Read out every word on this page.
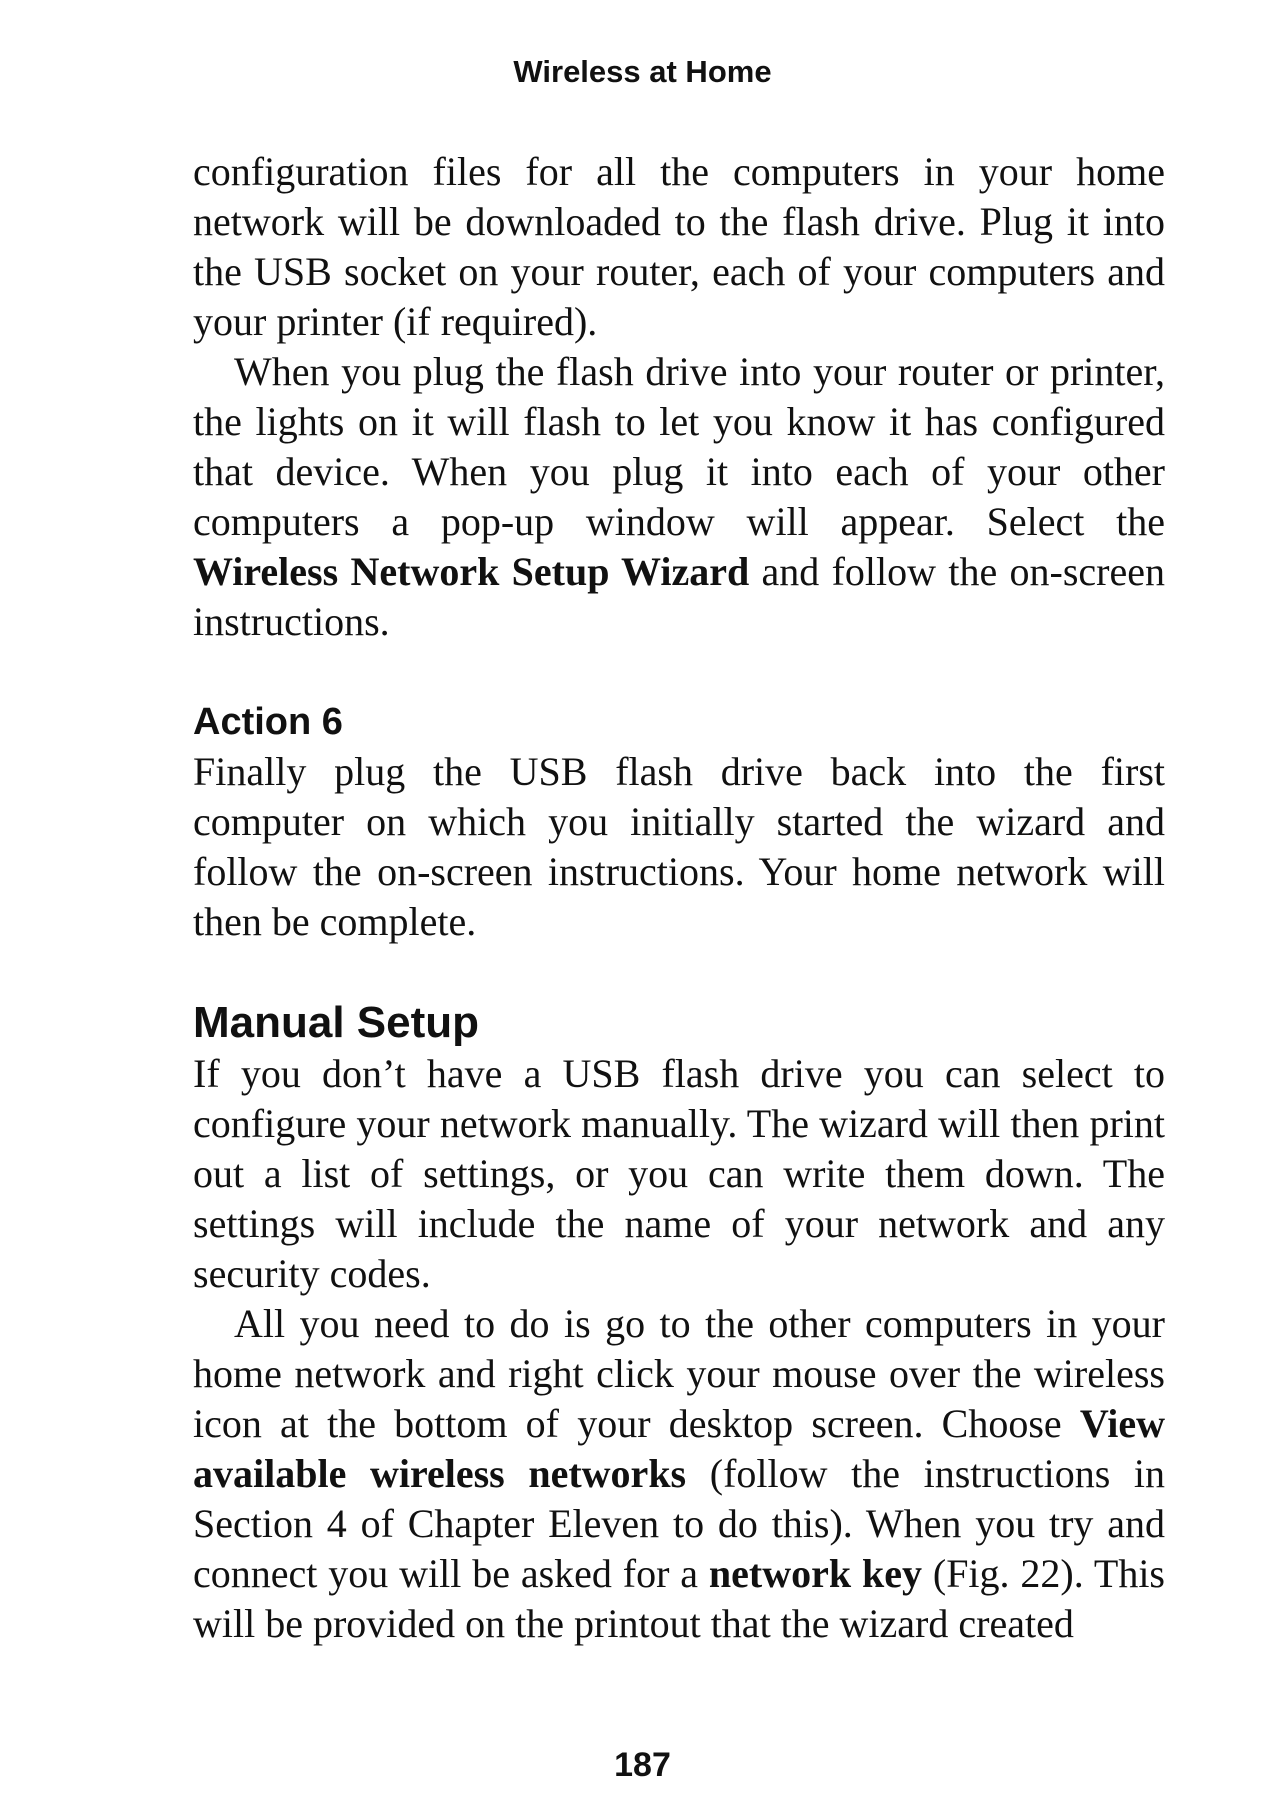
Wireless at Home

configuration files for all the computers in your home network will be downloaded to the flash drive. Plug it into the USB socket on your router, each of your computers and your printer (if required).

When you plug the flash drive into your router or printer, the lights on it will flash to let you know it has configured that device. When you plug it into each of your other computers a pop-up window will appear. Select the Wireless Network Setup Wizard and follow the on-screen instructions.

Action 6

Finally plug the USB flash drive back into the first computer on which you initially started the wizard and follow the on-screen instructions. Your home network will then be complete.

Manual Setup

If you don’t have a USB flash drive you can select to configure your network manually. The wizard will then print out a list of settings, or you can write them down. The settings will include the name of your network and any security codes.

All you need to do is go to the other computers in your home network and right click your mouse over the wireless icon at the bottom of your desktop screen. Choose View available wireless networks (follow the instructions in Section 4 of Chapter Eleven to do this). When you try and connect you will be asked for a network key (Fig. 22). This will be provided on the printout that the wizard created

187
